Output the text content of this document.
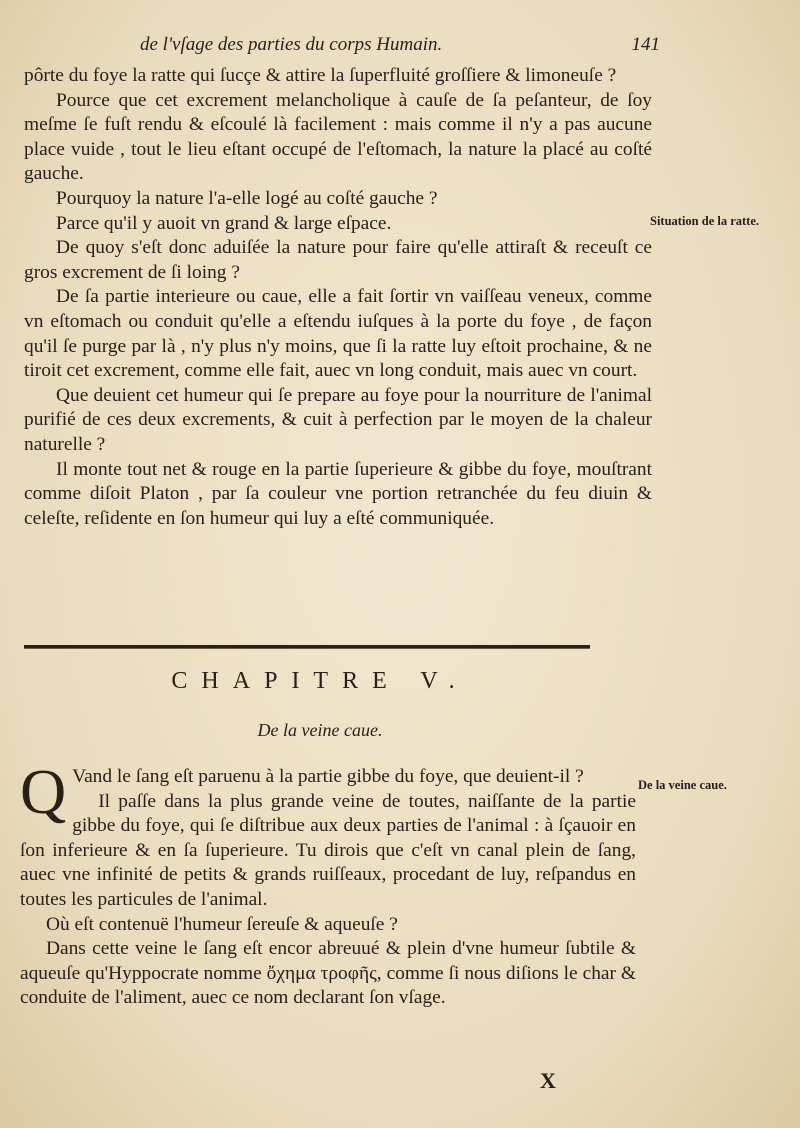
de l'vſage des parties du corps Humain.	141

pôrte du foye la ratte qui ſucçe & attire la ſuperfluité groſſiere & limoneuſe ?

Pource que cet excrement melancholique à cauſe de ſa peſanteur, de ſoy meſme ſe fuſt rendu & eſcoulé là facilement : mais comme il n'y a pas aucune place vuide , tout le lieu eſtant occupé de l'eſtomach, la nature la placé au coſté gauche.

Pourquoy la nature l'a-elle logé au coſté gauche ?

Parce qu'il y auoit vn grand & large eſpace.

De quoy s'eſt donc aduiſée la nature pour faire qu'elle attiraſt & receuſt ce gros excrement de ſi loing ?

De ſa partie interieure ou caue, elle a fait ſortir vn vaiſſeau veneux, comme vn eſtomach ou conduit qu'elle a eſtendu iuſques à la porte du foye , de façon qu'il ſe purge par là , n'y plus n'y moins, que ſi la ratte luy eſtoit prochaine, & ne tiroit cet excrement, comme elle fait, auec vn long conduit, mais auec vn court.

Que deuient cet humeur qui ſe prepare au foye pour la nourriture de l'animal purifié de ces deux excrements, & cuit à perfection par le moyen de la chaleur naturelle ?

Il monte tout net & rouge en la partie ſuperieure & gibbe du foye, mouſtrant comme diſoit Platon , par ſa couleur vne portion retranchée du feu diuin & celeſte, reſidente en ſon humeur qui luy a eſté communiquée.

Situation de la ratte.
CHAPITRE V.
De la veine caue.

Q Vand le ſang eſt paruenu à la partie gibbe du foye, que deuient-il ?

Il paſſe dans la plus grande veine de toutes, naiſſante de la partie gibbe du foye, qui ſe diſtribue aux deux parties de l'animal : à ſçauoir en ſon inferieure & en ſa ſuperieure. Tu dirois que c'eſt vn canal plein de ſang, auec vne infinité de petits & grands ruiſſeaux, procedant de luy, reſpandus en toutes les particules de l'animal.

Où eſt contenuë l'humeur ſereuſe & aqueuſe ?

Dans cette veine le ſang eſt encor abreuué & plein d'vne humeur ſubtile & aqueuſe qu'Hyppocrate nomme ὄχημα τροφῆς, comme ſi nous diſions le char & conduite de l'aliment, auec ce nom declarant ſon vſage.

De la veine caue.
X
